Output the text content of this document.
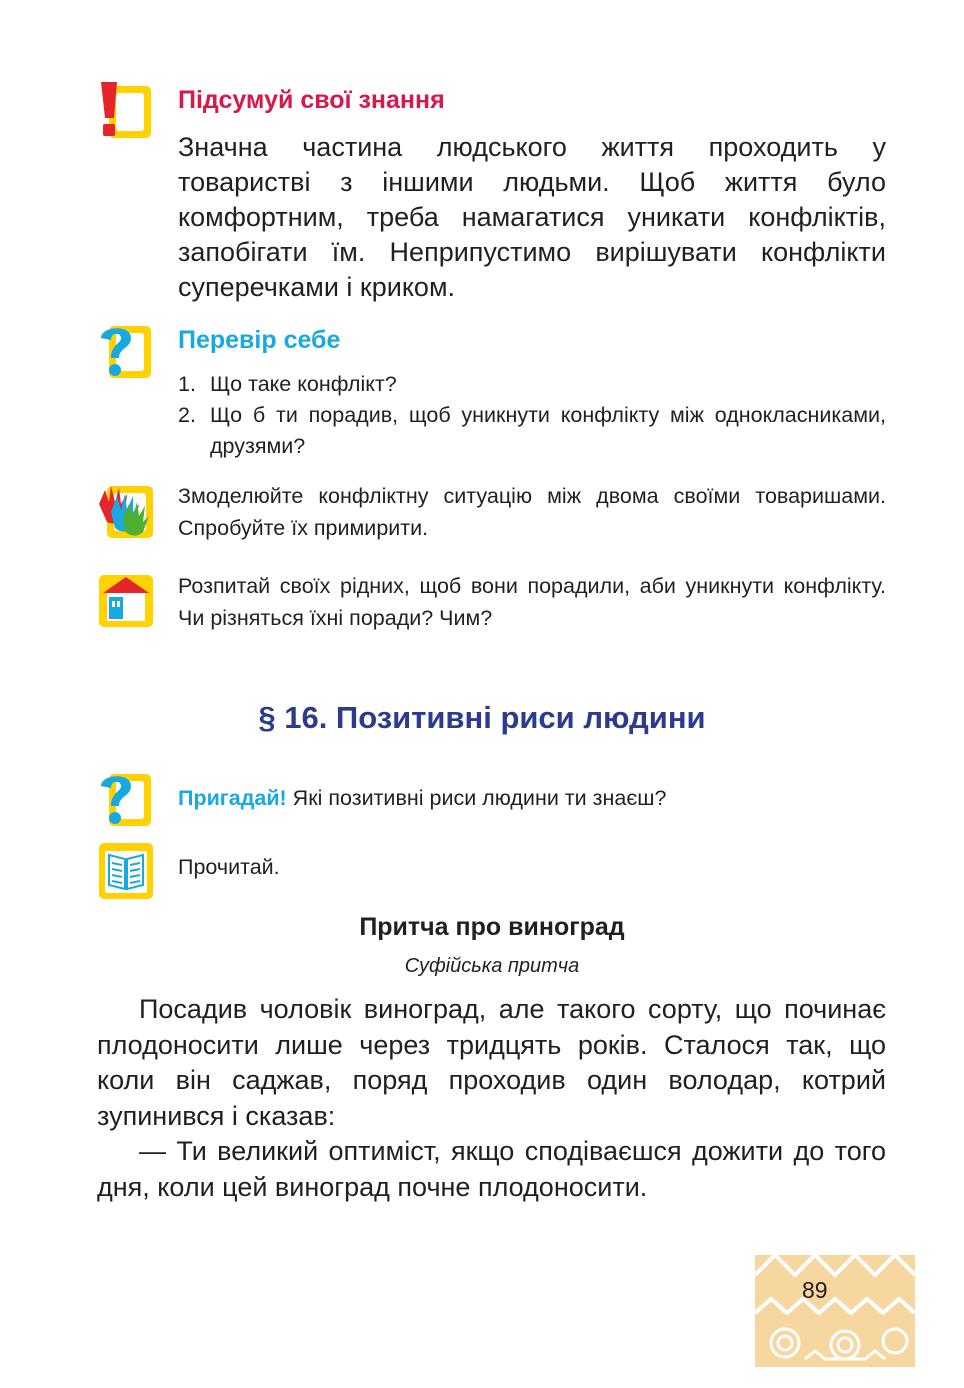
Підсумуй свої знання
Значна частина людського життя проходить у товаристві з іншими людьми. Щоб життя було комфортним, треба намагатися уникати конфліктів, запобігати їм. Неприпустимо вирішувати конфлікти суперечками і криком.
Перевір себе
1. Що таке конфлікт?
2. Що б ти порадив, щоб уникнути конфлікту між однокласниками, друзями?
Змоделюйте конфліктну ситуацію між двома своїми товаришами. Спробуйте їх примирити.
Розпитай своїх рідних, щоб вони порадили, аби уникнути конфлікту. Чи різняться їхні поради? Чим?
§ 16. Позитивні риси людини
Пригадай! Які позитивні риси людини ти знаєш?
Прочитай.
Притча про виноград
Суфійська притча

Посадив чоловік виноград, але такого сорту, що починає плодоносити лише через тридцять років. Сталося так, що коли він саджав, поряд проходив один володар, котрий зупинився і сказав:

— Ти великий оптиміст, якщо сподіваєшся дожити до того дня, коли цей виноград почне плодоносити.

89
